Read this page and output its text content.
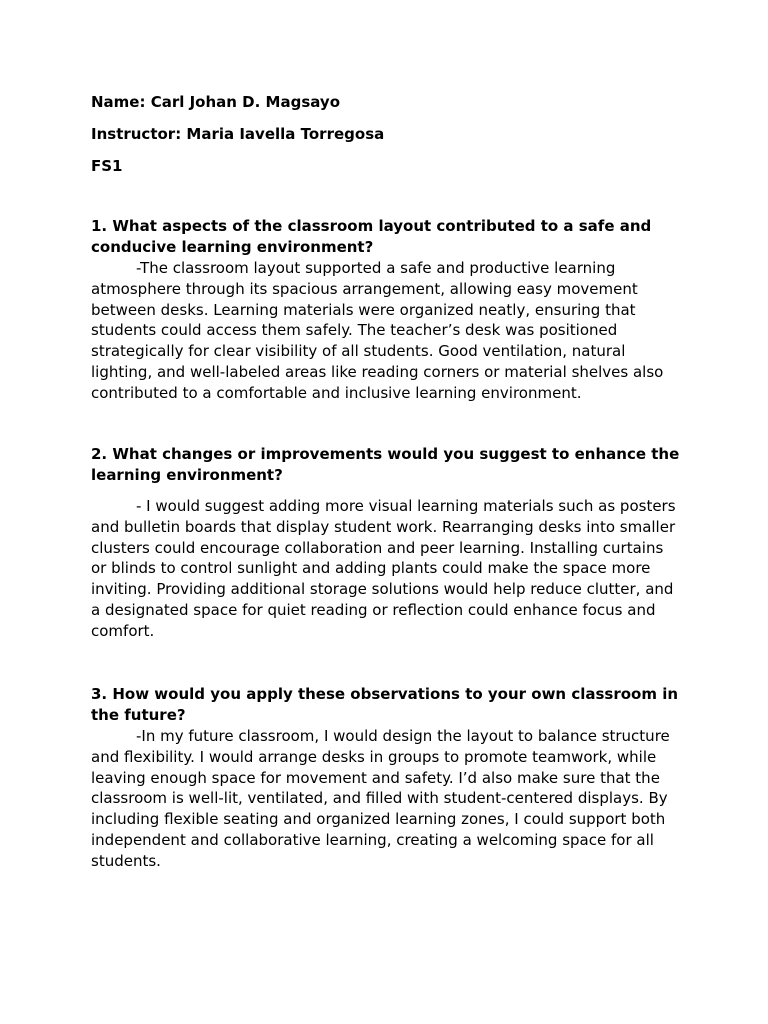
Name: Carl Johan D. Magsayo
Instructor: Maria Iavella Torregosa
FS1

1. What aspects of the classroom layout contributed to a safe and conducive learning environment?

-The classroom layout supported a safe and productive learning atmosphere through its spacious arrangement, allowing easy movement between desks. Learning materials were organized neatly, ensuring that students could access them safely. The teacher’s desk was positioned strategically for clear visibility of all students. Good ventilation, natural lighting, and well-labeled areas like reading corners or material shelves also contributed to a comfortable and inclusive learning environment.

2. What changes or improvements would you suggest to enhance the learning environment?

- I would suggest adding more visual learning materials such as posters and bulletin boards that display student work. Rearranging desks into smaller clusters could encourage collaboration and peer learning. Installing curtains or blinds to control sunlight and adding plants could make the space more inviting. Providing additional storage solutions would help reduce clutter, and a designated space for quiet reading or reflection could enhance focus and comfort.

3. How would you apply these observations to your own classroom in the future?

-In my future classroom, I would design the layout to balance structure and flexibility. I would arrange desks in groups to promote teamwork, while leaving enough space for movement and safety. I’d also make sure that the classroom is well-lit, ventilated, and filled with student-centered displays. By including flexible seating and organized learning zones, I could support both independent and collaborative learning, creating a welcoming space for all students.
